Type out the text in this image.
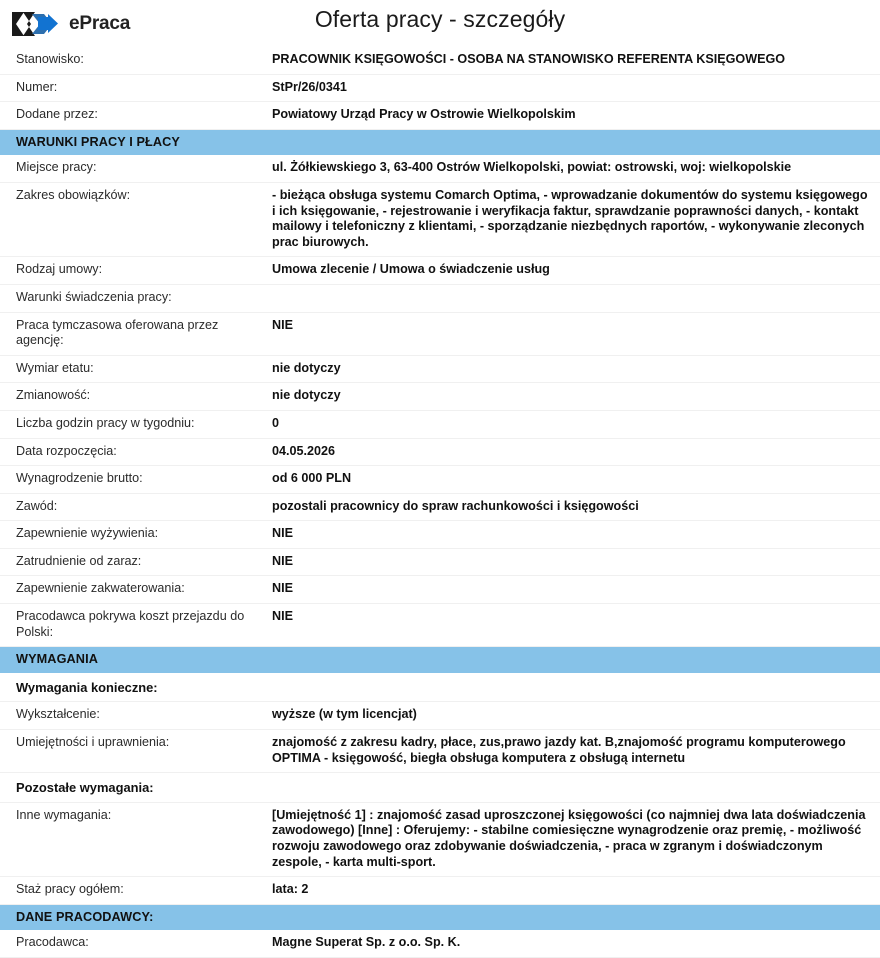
ePraca	Oferta pracy - szczegóły
Stanowisko:	PRACOWNIK KSIĘGOWOŚCI - OSOBA NA STANOWISKO REFERENTA KSIĘGOWEGO
Numer:	StPr/26/0341
Dodane przez:	Powiatowy Urząd Pracy w Ostrowie Wielkopolskim
WARUNKI PRACY I PŁACY	
Miejsce pracy:	ul. Żółkiewskiego 3, 63-400 Ostrów Wielkopolski, powiat: ostrowski, woj: wielkopolskie
Zakres obowiązków:	- bieżąca obsługa systemu Comarch Optima, - wprowadzanie dokumentów do systemu księgowego i ich księgowanie, - rejestrowanie i weryfikacja faktur, sprawdzanie poprawności danych, - kontakt mailowy i telefoniczny z klientami, - sporządzanie niezbędnych raportów, - wykonywanie zleconych prac biurowych.
Rodzaj umowy:	Umowa zlecenie / Umowa o świadczenie usług
Warunki świadczenia pracy:	
Praca tymczasowa oferowana przez agencję:	NIE
Wymiar etatu:	nie dotyczy
Zmianowość:	nie dotyczy
Liczba godzin pracy w tygodniu:	0
Data rozpoczęcia:	04.05.2026
Wynagrodzenie brutto:	od 6 000 PLN
Zawód:	pozostali pracownicy do spraw rachunkowości i księgowości
Zapewnienie wyżywienia:	NIE
Zatrudnienie od zaraz:	NIE
Zapewnienie zakwaterowania:	NIE
Pracodawca pokrywa koszt przejazdu do Polski:	NIE
WYMAGANIA	
Wymagania konieczne:	
Wykształcenie:	wyższe (w tym licencjat)
Umiejętności i uprawnienia:	znajomość z zakresu kadry, płace, zus,prawo jazdy kat. B,znajomość programu komputerowego OPTIMA - księgowość, biegła obsługa komputera z obsługą internetu
Pozostałe wymagania:	
Inne wymagania:	[Umiejętność 1] : znajomość zasad uproszczonej księgowości (co najmniej dwa lata doświadczenia zawodowego) [Inne] : Oferujemy: - stabilne comiesięczne wynagrodzenie oraz premię, - możliwość rozwoju zawodowego oraz zdobywanie doświadczenia, - praca w zgranym i doświadczonym zespole, - karta multi-sport.
Staż pracy ogółem:	lata: 2
DANE PRACODAWCY:	
Pracodawca:	Magne Superat Sp. z o.o. Sp. K.
